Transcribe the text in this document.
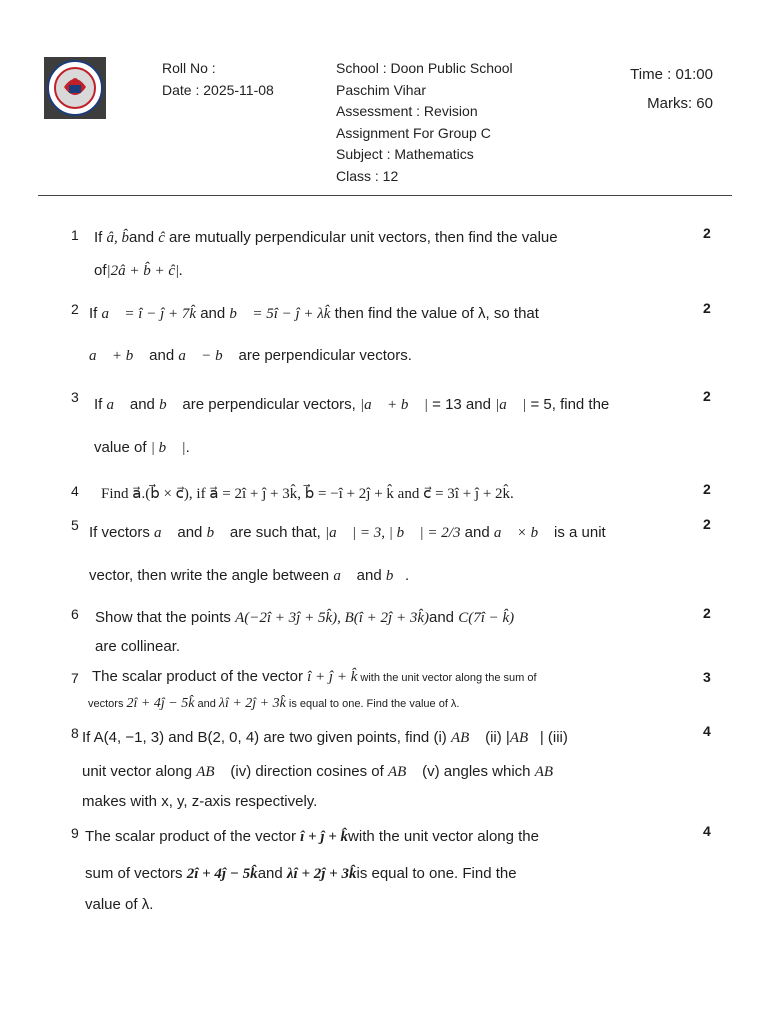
Roll No :
Date : 2025-11-08
School : Doon Public School
Paschim Vihar
Assessment : Revision
Assignment For Group C
Subject : Mathematics
Class : 12
Time : 01:00
Marks: 60
1	2
If â, b̂and ĉ are mutually perpendicular unit vectors, then find the value
of|2â + b̂ + ĉ|.
2	2
If a⃗ = î − ĵ + 7k̂ and b⃗ = 5î − ĵ + λk̂ then find the value of λ, so that
a⃗ + b⃗ and a⃗ − b⃗ are perpendicular vectors.
3	2
If a⃗ and b⃗ are perpendicular vectors, |a⃗ + b⃗ | = 13 and |a⃗ | = 5, find the
value of | b⃗ |.
4	2
Find a⃗.(b⃗ × c⃗), if a⃗ = 2î + ĵ + 3k̂, b⃗ = −î + 2ĵ + k̂ and c⃗ = 3î + ĵ + 2k̂.
5	2
If vectors a⃗ and b⃗ are such that, |a⃗ | = 3, | b⃗ | = 2/3 and a⃗ × b⃗ is a unit
vector, then write the angle between a⃗ and b⃗.
6	2
Show that the points A(−2î + 3ĵ + 5k̂), B(î + 2ĵ + 3k̂)and C(7î − k̂)
are collinear.
7	3
The scalar product of the vector î + ĵ + k̂ with the unit vector along the sum of
vectors 2î + 4ĵ − 5k̂ and λî + 2ĵ + 3k̂ is equal to one. Find the value of λ.
8	4
If A(4, −1, 3) and B(2, 0, 4) are two given points, find (i) AB⃗ (ii) |AB⃗| (iii)
unit vector along AB⃗ (iv) direction cosines of AB⃗ (v) angles which AB⃗
makes with x, y, z-axis respectively.
9	4
The scalar product of the vector î + ĵ + k̂with the unit vector along the
sum of vectors 2î + 4ĵ − 5k̂and λî + 2ĵ + 3k̂is equal to one. Find the
value of λ.
